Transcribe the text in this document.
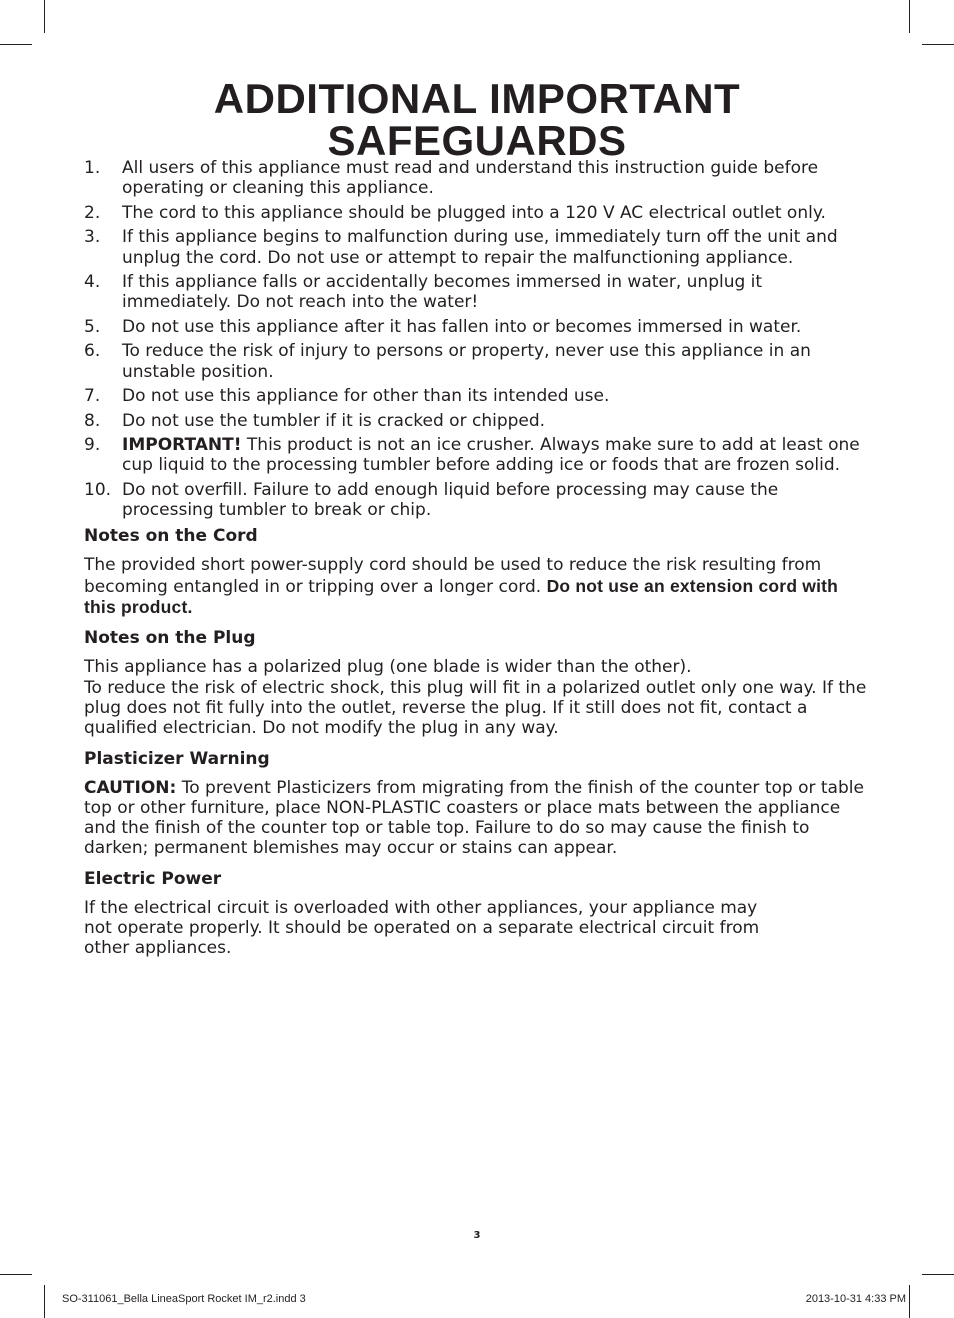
ADDITIONAL IMPORTANT
SAFEGUARDS
1. All users of this appliance must read and understand this instruction guide before operating or cleaning this appliance.
2. The cord to this appliance should be plugged into a 120 V AC electrical outlet only.
3. If this appliance begins to malfunction during use, immediately turn off the unit and unplug the cord. Do not use or attempt to repair the malfunctioning appliance.
4. If this appliance falls or accidentally becomes immersed in water, unplug it immediately. Do not reach into the water!
5. Do not use this appliance after it has fallen into or becomes immersed in water.
6. To reduce the risk of injury to persons or property, never use this appliance in an unstable position.
7. Do not use this appliance for other than its intended use.
8. Do not use the tumbler if it is cracked or chipped.
9. IMPORTANT! This product is not an ice crusher. Always make sure to add at least one cup liquid to the processing tumbler before adding ice or foods that are frozen solid.
10. Do not overfill. Failure to add enough liquid before processing may cause the processing tumbler to break or chip.
Notes on the Cord

The provided short power-supply cord should be used to reduce the risk resulting from becoming entangled in or tripping over a longer cord. Do not use an extension cord with this product.

Notes on the Plug

This appliance has a polarized plug (one blade is wider than the other).
To reduce the risk of electric shock, this plug will fit in a polarized outlet only one way. If the plug does not fit fully into the outlet, reverse the plug. If it still does not fit, contact a qualified electrician. Do not modify the plug in any way.

Plasticizer Warning

CAUTION: To prevent Plasticizers from migrating from the finish of the counter top or table top or other furniture, place NON-PLASTIC coasters or place mats between the appliance and the finish of the counter top or table top. Failure to do so may cause the finish to darken; permanent blemishes may occur or stains can appear.

Electric Power

If the electrical circuit is overloaded with other appliances, your appliance may not operate properly. It should be operated on a separate electrical circuit from other appliances.

3
SO-311061_Bella LineaSport Rocket IM_r2.indd 3	2013-10-31 4:33 PM
